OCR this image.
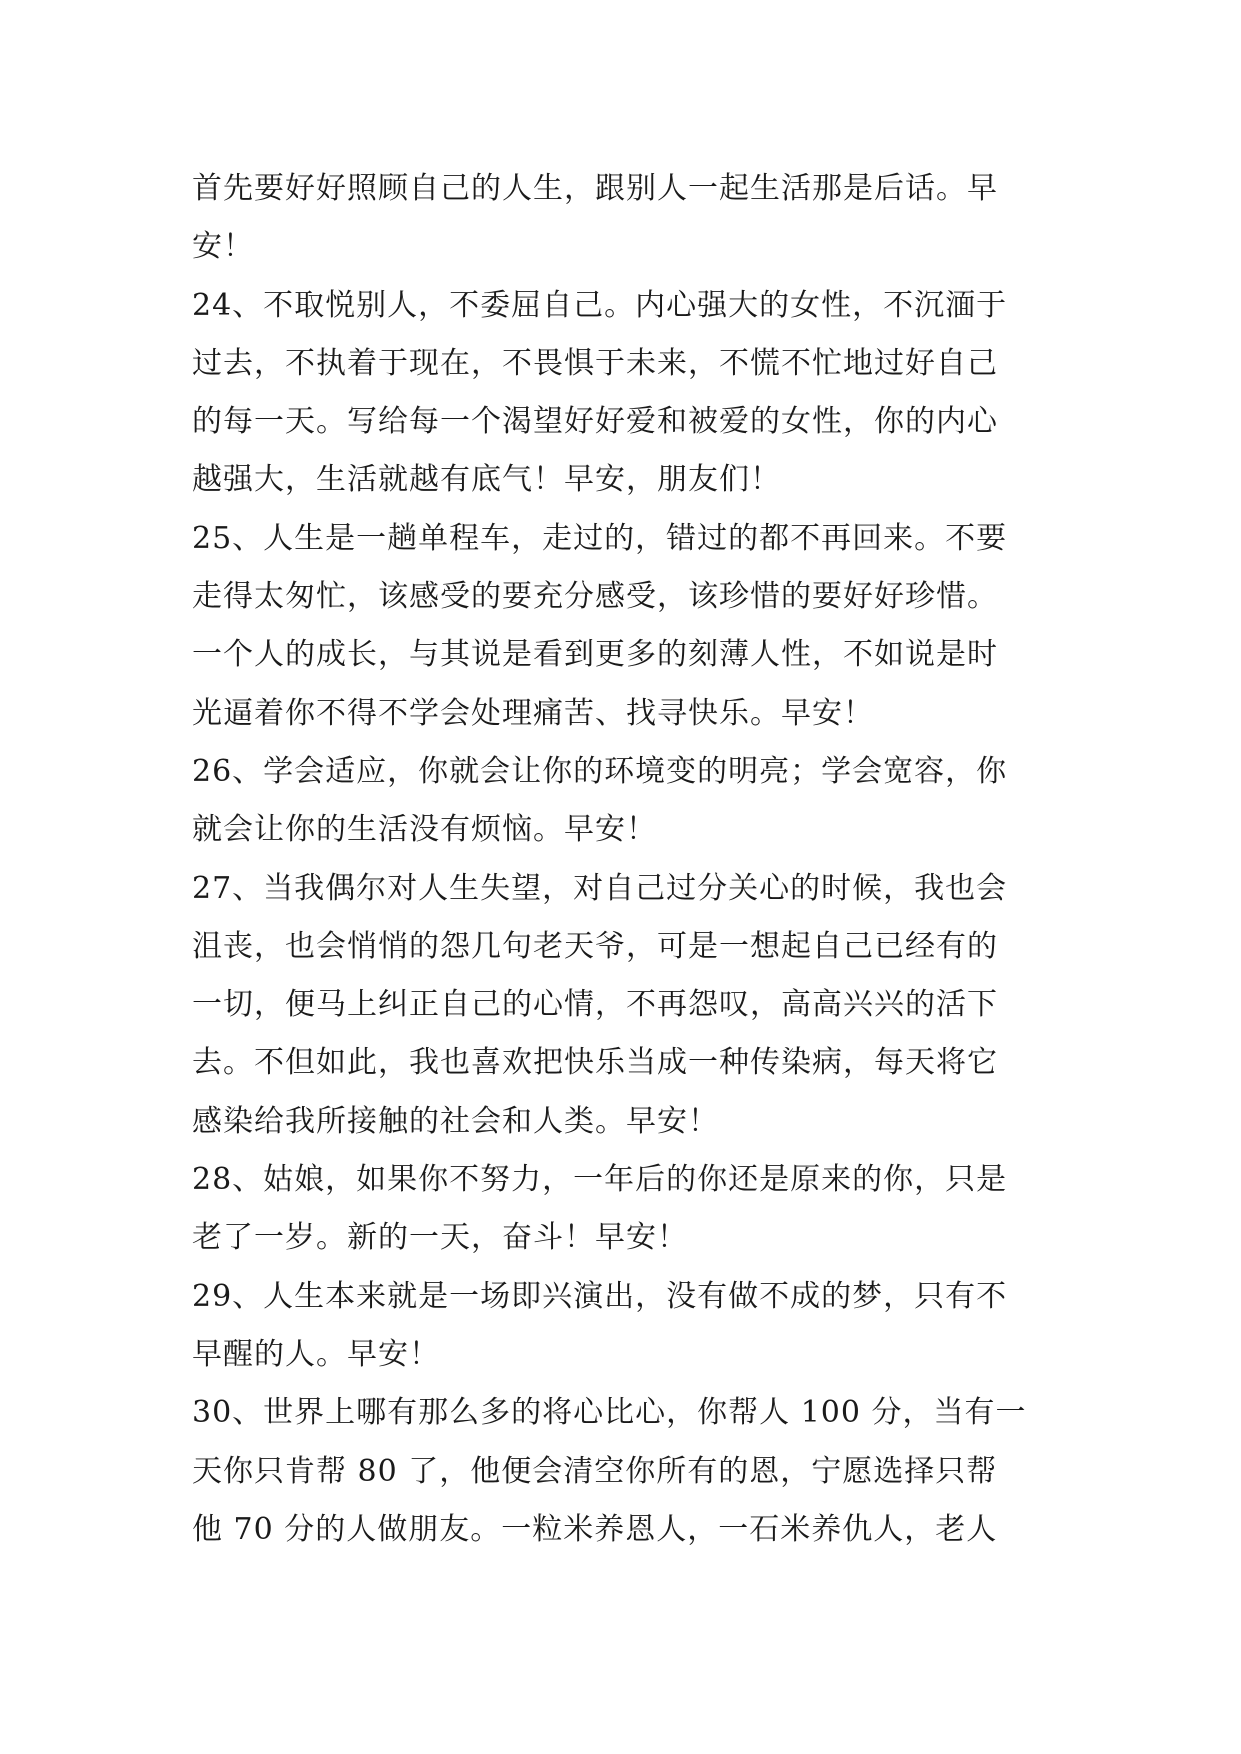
首先要好好照顾自己的人生，跟别人一起生活那是后话。早
安！
24、不取悦别人，不委屈自己。内心强大的女性，不沉湎于
过去，不执着于现在，不畏惧于未来，不慌不忙地过好自己
的每一天。写给每一个渴望好好爱和被爱的女性，你的内心
越强大，生活就越有底气！早安，朋友们！
25、人生是一趟单程车，走过的，错过的都不再回来。不要
走得太匆忙，该感受的要充分感受，该珍惜的要好好珍惜。
一个人的成长，与其说是看到更多的刻薄人性，不如说是时
光逼着你不得不学会处理痛苦、找寻快乐。早安！
26、学会适应，你就会让你的环境变的明亮；学会宽容，你
就会让你的生活没有烦恼。早安！
27、当我偶尔对人生失望，对自己过分关心的时候，我也会
沮丧，也会悄悄的怨几句老天爷，可是一想起自己已经有的
一切，便马上纠正自己的心情，不再怨叹，高高兴兴的活下
去。不但如此，我也喜欢把快乐当成一种传染病，每天将它
感染给我所接触的社会和人类。早安！
28、姑娘，如果你不努力，一年后的你还是原来的你，只是
老了一岁。新的一天，奋斗！早安！
29、人生本来就是一场即兴演出，没有做不成的梦，只有不
早醒的人。早安！
30、世界上哪有那么多的将心比心，你帮人 100 分，当有一
天你只肯帮 80 了，他便会清空你所有的恩，宁愿选择只帮
他 70 分的人做朋友。一粒米养恩人，一石米养仇人，老人
